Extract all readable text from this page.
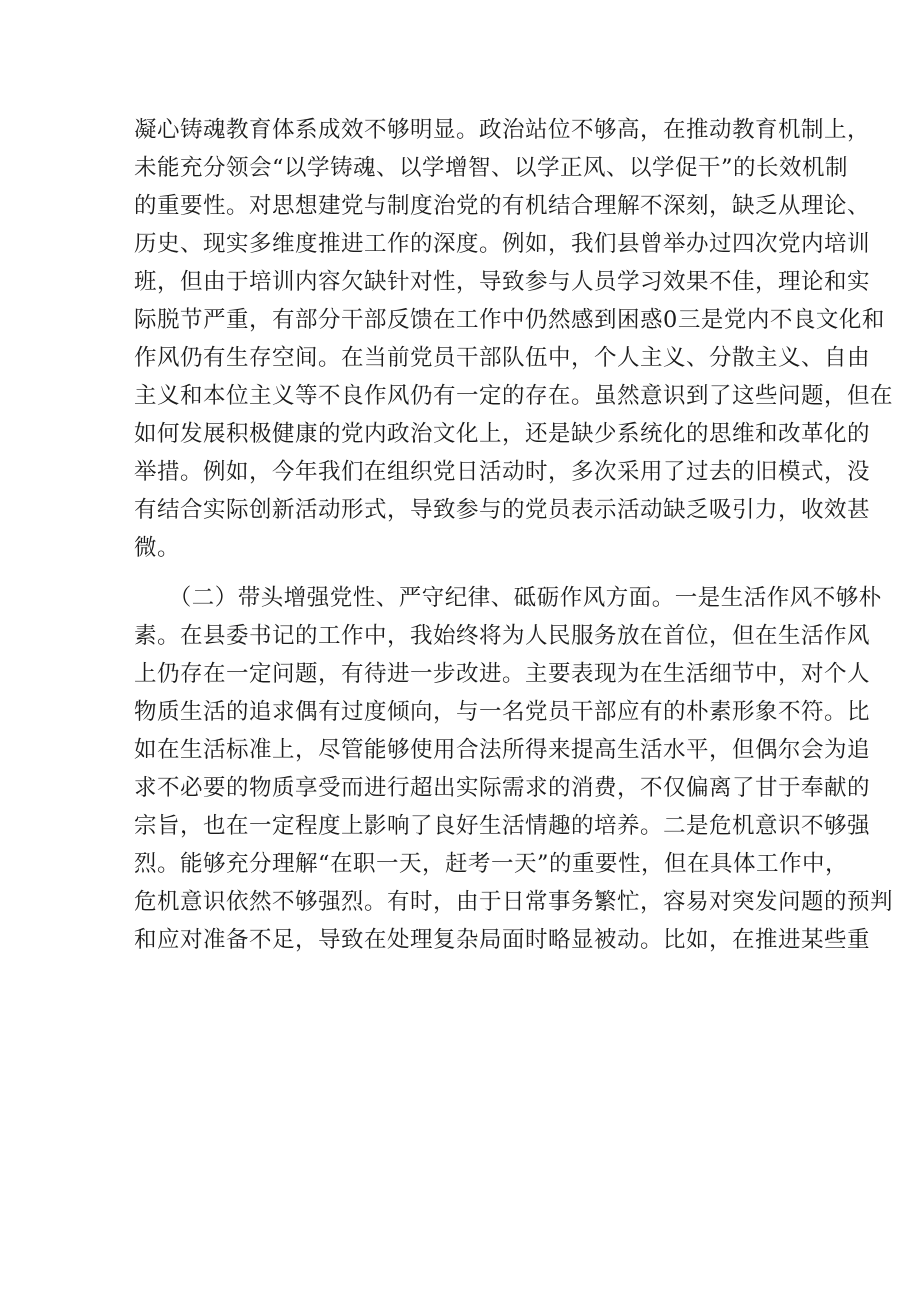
凝心铸魂教育体系成效不够明显。政治站位不够高，在推动教育机制上，
未能充分领会“以学铸魂、以学增智、以学正风、以学促干”的长效机制
的重要性。对思想建党与制度治党的有机结合理解不深刻，缺乏从理论、
历史、现实多维度推进工作的深度。例如，我们县曾举办过四次党内培训
班，但由于培训内容欠缺针对性，导致参与人员学习效果不佳，理论和实
际脱节严重，有部分干部反馈在工作中仍然感到困惑0三是党内不良文化和
作风仍有生存空间。在当前党员干部队伍中，个人主义、分散主义、自由
主义和本位主义等不良作风仍有一定的存在。虽然意识到了这些问题，但在
如何发展积极健康的党内政治文化上，还是缺少系统化的思维和改革化的
举措。例如，今年我们在组织党日活动时，多次采用了过去的旧模式，没
有结合实际创新活动形式，导致参与的党员表示活动缺乏吸引力，收效甚
微。
　　（二）带头增强党性、严守纪律、砥砺作风方面。一是生活作风不够朴
素。在县委书记的工作中，我始终将为人民服务放在首位，但在生活作风
上仍存在一定问题，有待进一步改进。主要表现为在生活细节中，对个人
物质生活的追求偶有过度倾向，与一名党员干部应有的朴素形象不符。比
如在生活标准上，尽管能够使用合法所得来提高生活水平，但偶尔会为追
求不必要的物质享受而进行超出实际需求的消费，不仅偏离了甘于奉献的
宗旨，也在一定程度上影响了良好生活情趣的培养。二是危机意识不够强
烈。能够充分理解“在职一天，赶考一天”的重要性，但在具体工作中，
危机意识依然不够强烈。有时，由于日常事务繁忙，容易对突发问题的预判
和应对准备不足，导致在处理复杂局面时略显被动。比如，在推进某些重
